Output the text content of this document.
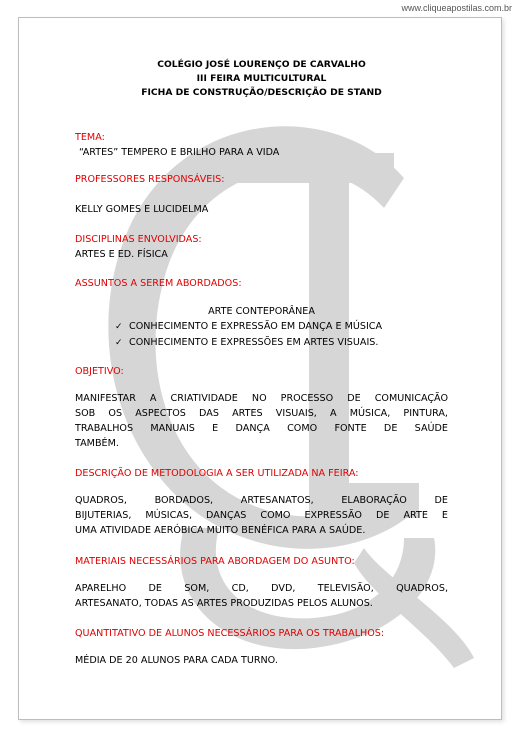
www.cliqueapostilas.com.br
COLÉGIO JOSÉ LOURENÇO DE CARVALHO
III FEIRA MULTICULTURAL
FICHA DE CONSTRUÇÃO/DESCRIÇÃO DE STAND
TEMA:
“ARTES” TEMPERO E BRILHO PARA A VIDA
PROFESSORES RESPONSÁVEIS:
KELLY GOMES E LUCIDELMA
DISCIPLINAS ENVOLVIDAS:
ARTES E ED. FÍSICA
ASSUNTOS A SEREM ABORDADOS:
ARTE CONTEPORÂNEA
✓ CONHECIMENTO E EXPRESSÃO EM DANÇA E MÚSICA
✓ CONHECIMENTO E EXPRESSÕES EM ARTES VISUAIS.
OBJETIVO:
MANIFESTAR A CRIATIVIDADE NO PROCESSO DE COMUNICAÇÃO
SOB OS ASPECTOS DAS ARTES VISUAIS, A MÚSICA, PINTURA,
TRABALHOS MANUAIS E DANÇA COMO FONTE DE SAÚDE
TAMBÉM.
DESCRIÇÃO DE METODOLOGIA A SER UTILIZADA NA FEIRA:
QUADROS, BORDADOS, ARTESANATOS, ELABORAÇÃO DE
BIJUTERIAS, MÚSICAS, DANÇAS COMO EXPRESSÃO DE ARTE E
UMA ATIVIDADE AERÓBICA MUITO BENÉFICA PARA A SAÚDE.
MATERIAIS NECESSÁRIOS PARA ABORDAGEM DO ASUNTO:
APARELHO DE SOM, CD, DVD, TELEVISÃO, QUADROS,
ARTESANATO, TODAS AS ARTES PRODUZIDAS PELOS ALUNOS.
QUANTITATIVO DE ALUNOS NECESSÁRIOS PARA OS TRABALHOS:
MÉDIA DE 20 ALUNOS PARA CADA TURNO.
